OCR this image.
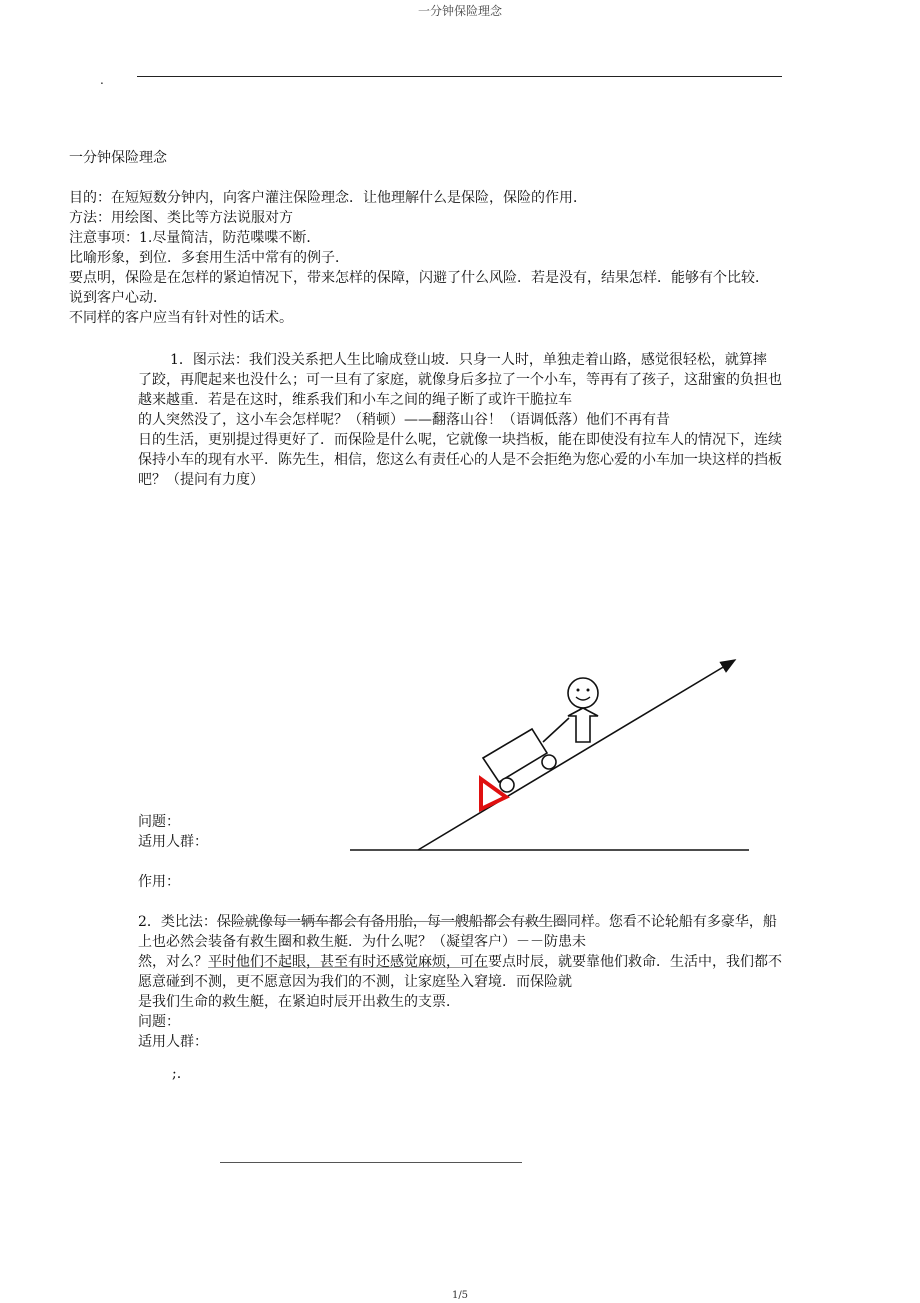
一分钟保险理念
.
一分钟保险理念
目的：在短短数分钟内，向客户灌注保险理念．让他理解什么是保险，保险的作用．
方法：用绘图、类比等方法说服对方
注意事项：1.尽量简洁，防范喋喋不断．
比喻形象，到位．多套用生活中常有的例子．
要点明，保险是在怎样的紧迫情况下，带来怎样的保障，闪避了什么风险．若是没有，结果怎样．能够有个比较．
说到客户心动．
不同样的客户应当有针对性的话术。
1．图示法：我们没关系把人生比喻成登山坡．只身一人时，单独走着山路，感觉很轻松，就算摔
了跤，再爬起来也没什么；可一旦有了家庭，就像身后多拉了一个小车，等再有了孩子，这甜蜜的负担也
越来越重．若是在这时，维系我们和小车之间的绳子断了或许干脆拉车
的人突然没了，这小车会怎样呢？（稍顿）——翻落山谷！（语调低落）他们不再有昔
日的生活，更别提过得更好了．而保险是什么呢，它就像一块挡板，能在即使没有拉车人的情况下，连续
保持小车的现有水平．陈先生，相信，您这么有责任心的人是不会拒绝为您心爱的小车加一块这样的挡板
吧？（提问有力度）
问题：
适用人群：
作用：
2．类比法：保险就像每一辆车都会有备用胎，每一艘船都会有救生圈同样。您看不论轮船有多豪华，船
上也必然会装备有救生圈和救生艇．为什么呢？（凝望客户）－－防患未
然，对么？平时他们不起眼，甚至有时还感觉麻烦，可在要点时辰，就要靠他们救命．生活中，我们都不
愿意碰到不测，更不愿意因为我们的不测，让家庭坠入窘境．而保险就
是我们生命的救生艇，在紧迫时辰开出救生的支票．
问题：
适用人群：
;.
1/5
